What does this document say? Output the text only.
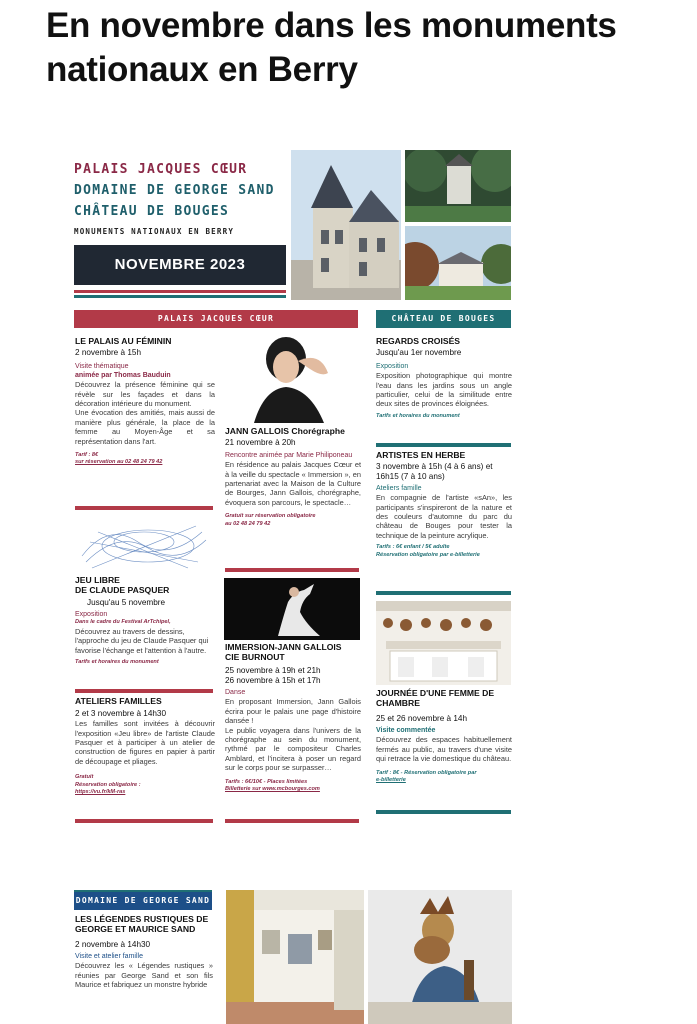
En novembre dans les monuments nationaux en Berry
PALAIS JACQUES CŒUR
DOMAINE DE GEORGE SAND
CHÂTEAU DE BOUGES
MONUMENTS NATIONAUX EN BERRY
NOVEMBRE 2023
PALAIS JACQUES CŒUR	CHÂTEAU DE BOUGES
LE PALAIS AU FÉMININ
2 novembre à 15h
Visite thématique
animée par Thomas Bauduin
Découvrez la présence féminine qui se révèle sur les façades et dans la décoration intérieure du monument.
Une évocation des amitiés, mais aussi de manière plus générale, la place de la femme au Moyen-Âge et sa représentation dans l'art.
Tarif : 8€
sur réservation au 02 48 24 79 42
JANN GALLOIS Chorégraphe
21 novembre à 20h
Rencontre animée par Marie Philiponeau
En résidence au palais Jacques Cœur et à la veille du spectacle « Immersion », en partenariat avec la Maison de la Culture de Bourges, Jann Gallois, chorégraphe, évoquera son parcours, le spectacle…
Gratuit sur réservation obligatoire
au 02 48 24 79 42
JEU LIBRE
DE CLAUDE PASQUER
Jusqu'au 5 novembre
Exposition
Dans le cadre du Festival ArTchipel,
Découvrez au travers de dessins, l'approche du jeu de Claude Pasquer qui favorise l'échange et l'attention à l'autre.
Tarifs et horaires du monument
ATELIERS FAMILLES
2 et 3 novembre à 14h30
Les familles sont invitées à découvrir l'exposition «Jeu libre» de l'artiste Claude Pasquer et à participer à un atelier de construction de figures en papier à partir de découpage et pliages.
Gratuit
Réservation obligatoire :
https://vu.fr/kM-ras
IMMERSION-JANN GALLOIS
CIE BURNOUT
25 novembre à 19h et 21h
26 novembre à 15h et 17h
Danse
En proposant Immersion, Jann Gallois écrira pour le palais une page d'histoire dansée !
Le public voyagera dans l'univers de la chorégraphe au sein du monument, rythmé par le compositeur Charles Amblard, et l'incitera à poser un regard sur le corps pour se surpasser…
Tarifs : 6€/10€ - Places limitées
Billetterie sur www.mcbourges.com
REGARDS CROISÉS
Jusqu'au 1er novembre
Exposition
Exposition photographique qui montre l'eau dans les jardins sous un angle particulier, celui de la similitude entre deux sites de provinces éloignées.
Tarifs et horaires du monument
ARTISTES EN HERBE
3 novembre à 15h (4 à 6 ans) et 16h15 (7 à 10 ans)
Ateliers famille
En compagnie de l'artiste «sAn», les participants s'inspireront de la nature et des couleurs d'automne du parc du château de Bouges pour tester la technique de la peinture acrylique.
Tarifs : 6€ enfant / 5€ adulte
Réservation obligatoire par e-billetterie
JOURNÉE D'UNE FEMME DE CHAMBRE
25 et 26 novembre à 14h
Visite commentée
Découvrez des espaces habituellement fermés au public, au travers d'une visite qui retrace la vie domestique du château.
Tarif : 8€ - Réservation obligatoire par
e-billetterie
DOMAINE DE GEORGE SAND
LES LÉGENDES RUSTIQUES DE GEORGE ET MAURICE SAND
2 novembre à 14h30
Visite et atelier famille
Découvrez les « Légendes rustiques » réunies par George Sand et son fils Maurice et fabriquez un monstre hybride
